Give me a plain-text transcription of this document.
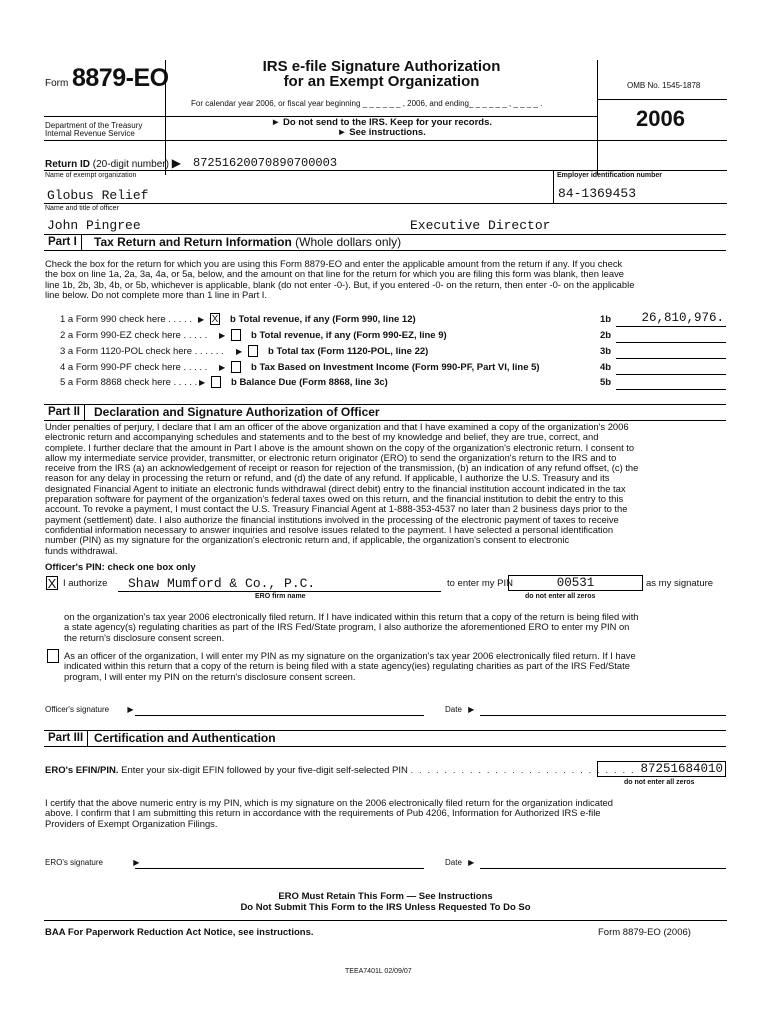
Form 8879-EO	IRS e-file Signature Authorization
for an Exempt Organization
For calendar year 2006, or fiscal year beginning _ _ _ _ _ _ , 2006, and ending_ _ _ _ _ _ , _ _ _ _ .
OMB No. 1545-1878
2006
Department of the Treasury
Internal Revenue Service
► Do not send to the IRS. Keep for your records.
► See instructions.
Return ID (20-digit number) ▶ 87251620070890700003
Name of exempt organization	Employer identification number
Globus Relief	84-1369453
Name and title of officer
John Pingree	Executive Director
Part I	Tax Return and Return Information (Whole dollars only)
Check the box for the return for which you are using this Form 8879-EO and enter the applicable amount from the return if any. If you check
the box on line 1a, 2a, 3a, 4a, or 5a, below, and the amount on that line for the return for which you are filing this form was blank, then leave
line 1b, 2b, 3b, 4b, or 5b, whichever is applicable, blank (do not enter -0-). But, if you entered -0- on the return, then enter -0- on the applicable
line below. Do not complete more than 1 line in Part I.
1 a Form 990 check here . . . . . ▶ X b Total revenue, if any (Form 990, line 12)	1b	26,810,976.
2 a Form 990-EZ check here . . . . . ▶	b Total revenue, if any (Form 990-EZ, line 9)	2b
3 a Form 1120-POL check here . . . . . . ▶	b Total tax (Form 1120-POL, line 22)	3b
4 a Form 990-PF check here . . . . . ▶	b Tax Based on Investment Income (Form 990-PF, Part VI, line 5)	4b
5 a Form 8868 check here . . . . . ▶	b Balance Due (Form 8868, line 3c)	5b
Part II	Declaration and Signature Authorization of Officer
Under penalties of perjury, I declare that I am an officer of the above organization and that I have examined a copy of the organization's 2006
electronic return and accompanying schedules and statements and to the best of my knowledge and belief, they are true, correct, and
complete. I further declare that the amount in Part I above is the amount shown on the copy of the organization's electronic return. I consent to
allow my intermediate service provider, transmitter, or electronic return originator (ERO) to send the organization's return to the IRS and to
receive from the IRS (a) an acknowledgement of receipt or reason for rejection of the transmission, (b) an indication of any refund offset, (c) the
reason for any delay in processing the return or refund, and (d) the date of any refund. If applicable, I authorize the U.S. Treasury and its
designated Financial Agent to initiate an electronic funds withdrawal (direct debit) entry to the financial institution account indicated in the tax
preparation software for payment of the organization's federal taxes owed on this return, and the financial institution to debit the entry to this
account. To revoke a payment, I must contact the U.S. Treasury Financial Agent at 1-888-353-4537 no later than 2 business days prior to the
payment (settlement) date. I also authorize the financial institutions involved in the processing of the electronic payment of taxes to receive
confidential information necessary to answer inquiries and resolve issues related to the payment. I have selected a personal identification
number (PIN) as my signature for the organization's electronic return and, if applicable, the organization's consent to electronic
funds withdrawal.
Officer's PIN: check one box only
X I authorize Shaw Mumford & Co., P.C.
ERO firm name
to enter my PIN	00531
do not enter all zeros
as my signature
on the organization's tax year 2006 electronically filed return. If I have indicated within this return that a copy of the return is being filed with
a state agency(s) regulating charities as part of the IRS Fed/State program, I also authorize the aforementioned ERO to enter my PIN on
the return's disclosure consent screen.
As an officer of the organization, I will enter my PIN as my signature on the organization's tax year 2006 electronically filed return. If I have
indicated within this return that a copy of the return is being filed with a state agency(ies) regulating charities as part of the IRS Fed/State
program, I will enter my PIN on the return's disclosure consent screen.
Officer's signature ▶	Date ▶
Part III Certification and Authentication
ERO's EFIN/PIN. Enter your six-digit EFIN followed by your five-digit self-selected PIN . . . . . . . . . . . . . . . . . . . . . . . . . . . 87251684010
do not enter all zeros
I certify that the above numeric entry is my PIN, which is my signature on the 2006 electronically filed return for the organization indicated
above. I confirm that I am submitting this return in accordance with the requirements of Pub 4206, Information for Authorized IRS e-file
Providers of Exempt Organization Filings.
ERO's signature	▶	Date ▶
ERO Must Retain This Form — See Instructions
Do Not Submit This Form to the IRS Unless Requested To Do So
BAA For Paperwork Reduction Act Notice, see instructions.	Form 8879-EO (2006)
TEEA7401L 02/09/07
